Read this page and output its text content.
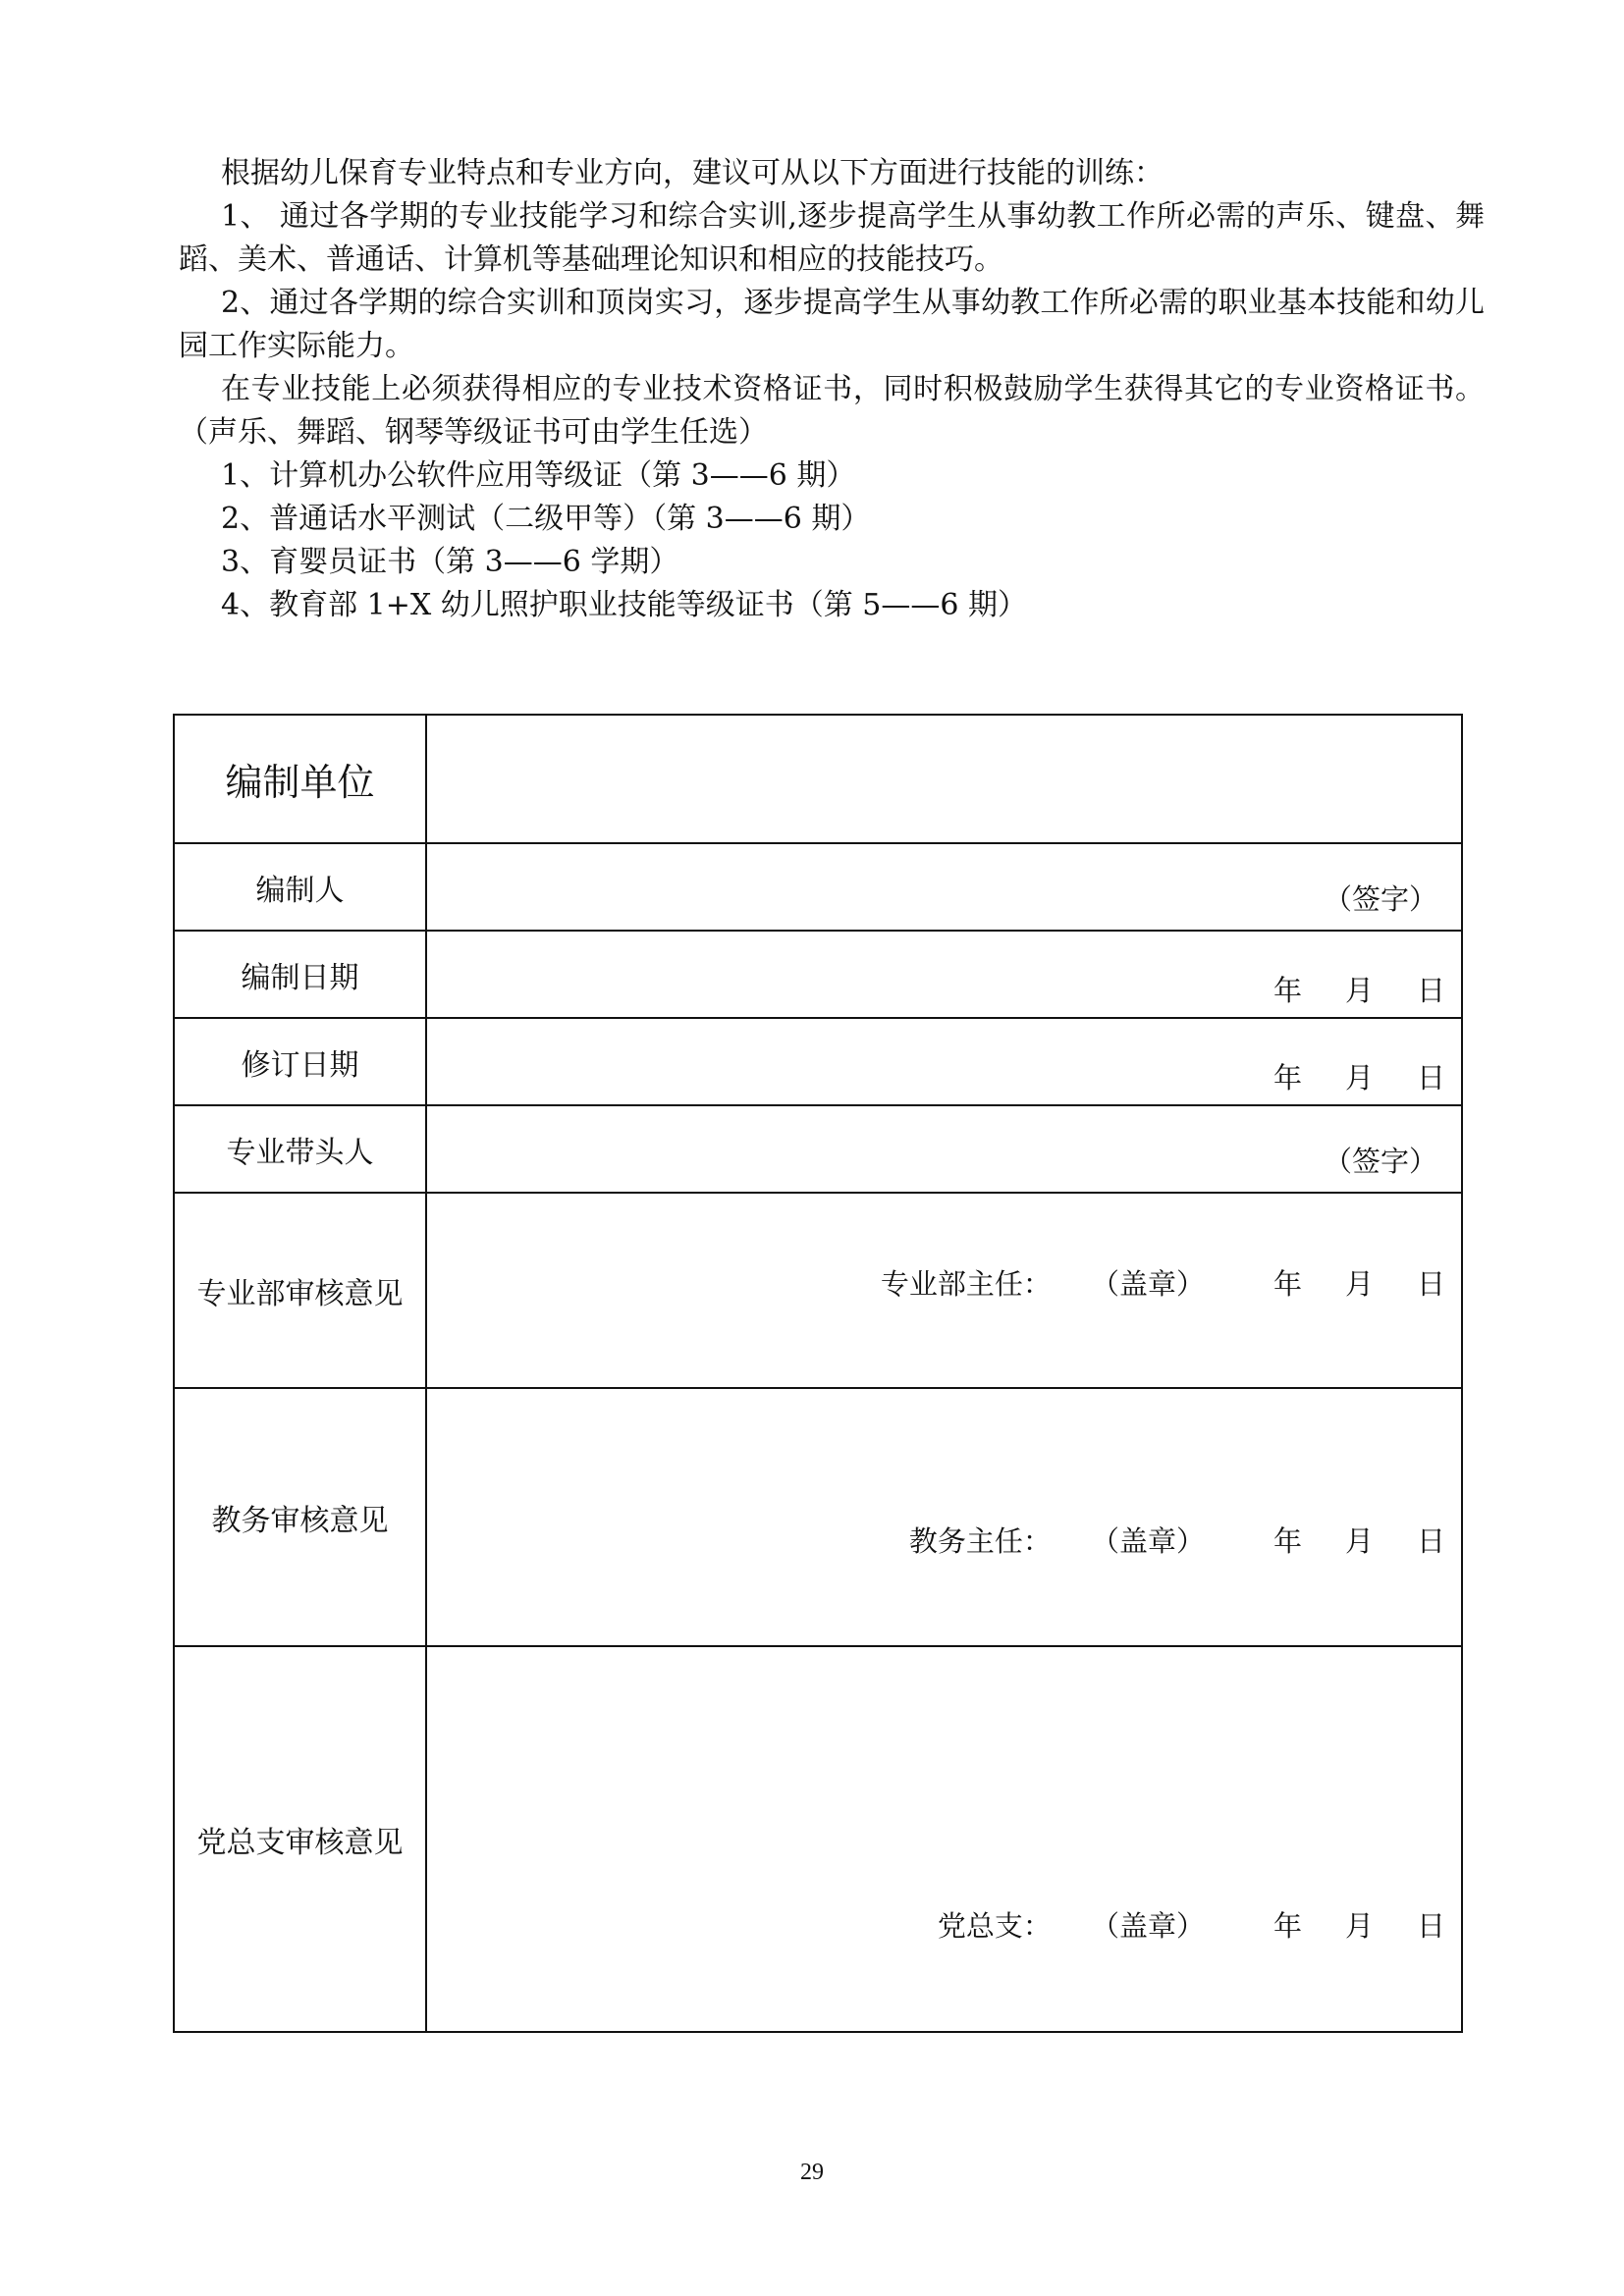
根据幼儿保育专业特点和专业方向，建议可从以下方面进行技能的训练：

1、 通过各学期的专业技能学习和综合实训,逐步提高学生从事幼教工作所必需的声乐、键盘、舞蹈、美术、普通话、计算机等基础理论知识和相应的技能技巧。

2、通过各学期的综合实训和顶岗实习，逐步提高学生从事幼教工作所必需的职业基本技能和幼儿园工作实际能力。

在专业技能上必须获得相应的专业技术资格证书，同时积极鼓励学生获得其它的专业资格证书。（声乐、舞蹈、钢琴等级证书可由学生任选）

1、计算机办公软件应用等级证（第 3——6 期）

2、普通话水平测试（二级甲等）（第 3——6 期）

3、育婴员证书（第 3——6 学期）

4、教育部 1+X 幼儿照护职业技能等级证书（第 5——6 期）

编制单位	
编制人	（签字）

编制日期	年 月 日

修订日期	年 月 日

专业带头人	（签字）

专业部审核意见	专业部主任： （盖章） 年 月 日

教务审核意见	教务主任： （盖章） 年 月 日

党总支审核意见	党总支： （盖章） 年 月 日
29
